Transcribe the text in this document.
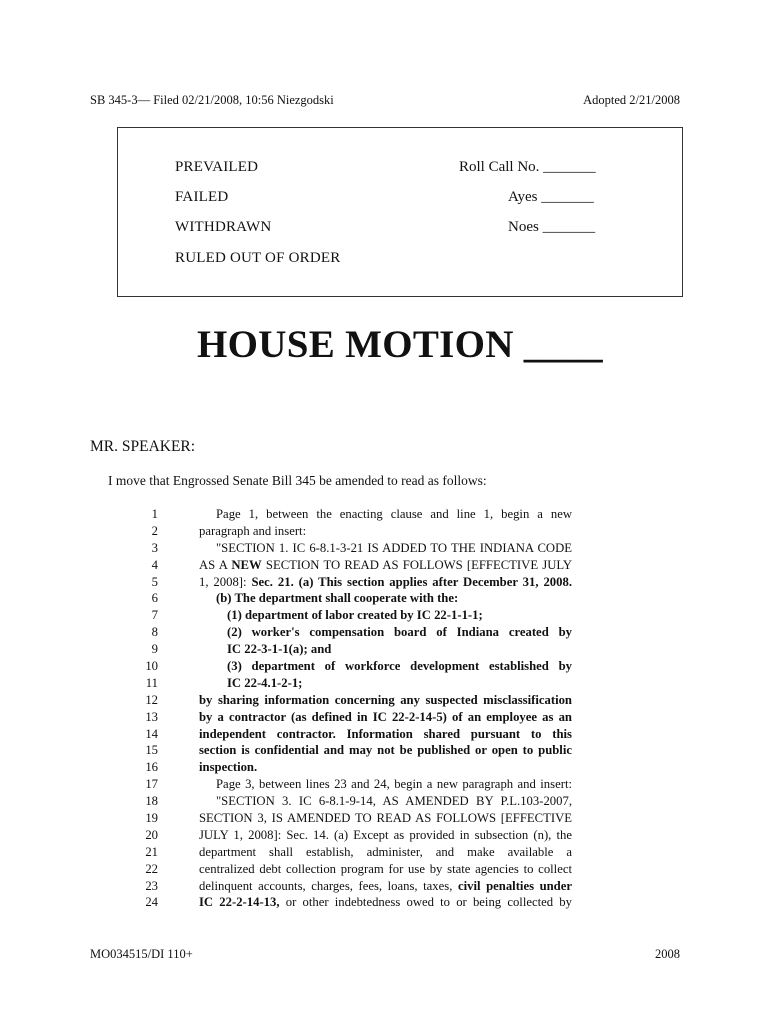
SB 345-3— Filed 02/21/2008, 10:56 Niezgodski	Adopted 2/21/2008
PREVAILED
FAILED
WITHDRAWN
RULED OUT OF ORDER
Roll Call No. _______
Ayes _______
Noes _______
HOUSE MOTION ____
MR. SPEAKER:
I move that Engrossed Senate Bill 345 be amended to read as follows:
1	Page 1, between the enacting clause and line 1, begin a new
2	paragraph and insert:
3	"SECTION 1. IC 6-8.1-3-21 IS ADDED TO THE INDIANA CODE
4	AS A NEW SECTION TO READ AS FOLLOWS [EFFECTIVE JULY
5	1, 2008]: Sec. 21. (a) This section applies after December 31, 2008.
6	(b) The department shall cooperate with the:
7	(1) department of labor created by IC 22-1-1-1;
8	(2) worker's compensation board of Indiana created by
9	IC 22-3-1-1(a); and
10	(3) department of workforce development established by
11	IC 22-4.1-2-1;
12	by sharing information concerning any suspected misclassification
13	by a contractor (as defined in IC 22-2-14-5) of an employee as an
14	independent contractor. Information shared pursuant to this
15	section is confidential and may not be published or open to public
16	inspection.
17	Page 3, between lines 23 and 24, begin a new paragraph and insert:
18	"SECTION 3. IC 6-8.1-9-14, AS AMENDED BY P.L.103-2007,
19	SECTION 3, IS AMENDED TO READ AS FOLLOWS [EFFECTIVE
20	JULY 1, 2008]: Sec. 14. (a) Except as provided in subsection (n), the
21	department shall establish, administer, and make available a
22	centralized debt collection program for use by state agencies to collect
23	delinquent accounts, charges, fees, loans, taxes, civil penalties under
24	IC 22-2-14-13, or other indebtedness owed to or being collected by
MO034515/DI 110+	2008
